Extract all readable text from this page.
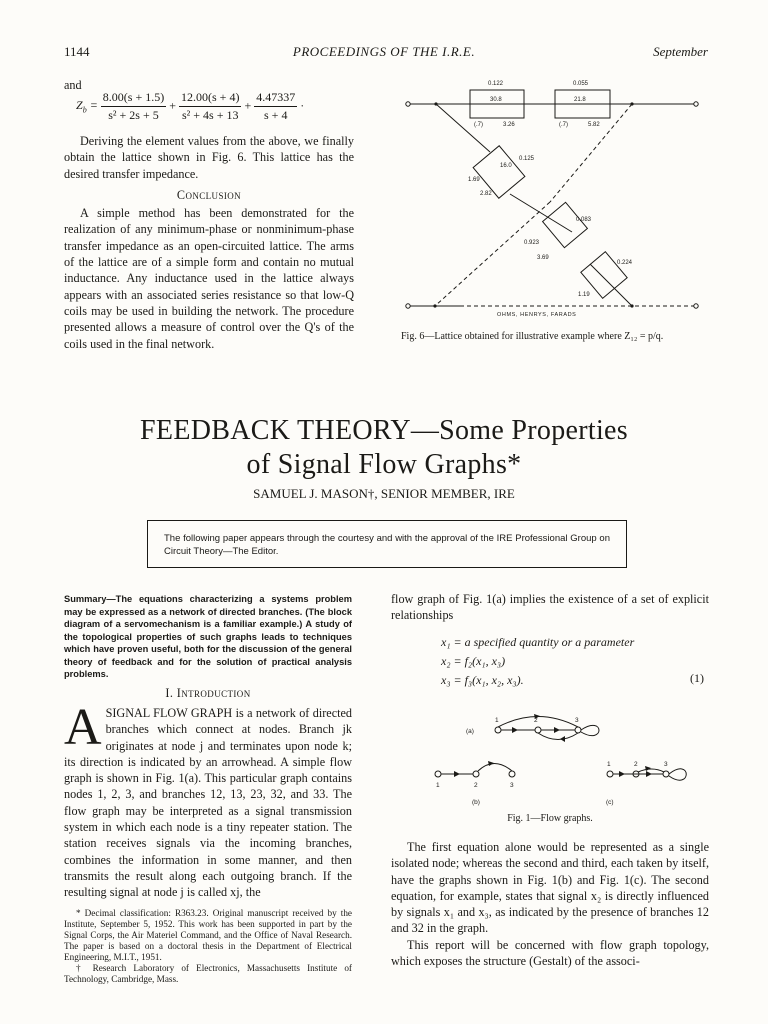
PROCEEDINGS OF THE I.R.E.
1144	September
and
$Z_b = \frac{8.00(s + 1.5)}{\text{s² + 2s + 5}} + \frac{12.00(s + 4)}{\text{s² + 4s + 13}} + \frac{4.47337}{s + 4}$ ·

Deriving the element values from the above, we finally obtain the lattice shown in Fig. 6. This lattice has the desired transfer impedance.

Conclusion

A simple method has been demonstrated for the realization of any minimum-phase or nonminimum-phase transfer impedance as an open-circuited lattice. The arms of the lattice are of a simple form and contain no mutual inductance. Any inductance used in the lattice always appears with an associated series resistance so that low-Q coils may be used in building the network. The procedure presented allows a measure of control over the Q's of the coils used in the final network.

0.122	0.055
30.8	21.8
(.7)	3.26	(.7)	5.82
0.125
16.0
1.69
2.82
0.083
0.923
3.69
0.224
1.19
OHMS, HENRYS, FARADS
Fig. 6—Lattice obtained for illustrative example where Z₁₂ = p/q.
FEEDBACK THEORY—Some Properties
of Signal Flow Graphs*
SAMUEL J. MASON†, SENIOR MEMBER, IRE
The following paper appears through the courtesy and with the approval of the IRE Professional Group on Circuit Theory—The Editor.
Summary—The equations characterizing a systems problem may be expressed as a network of directed branches. (The block diagram of a servomechanism is a familiar example.) A study of the topological properties of such graphs leads to techniques which have proven useful, both for the discussion of the general theory of feedback and for the solution of practical analysis problems.
I. Introduction
A SIGNAL FLOW GRAPH is a network of directed branches which connect at nodes. Branch jk originates at node j and terminates upon node k; its direction is indicated by an arrowhead. A simple flow graph is shown in Fig. 1(a). This particular graph contains nodes 1, 2, 3, and branches 12, 13, 23, 32, and 33. The flow graph may be interpreted as a signal transmission system in which each node is a tiny repeater station. The station receives signals via the incoming branches, combines the information in some manner, and then transmits the result along each outgoing branch. If the resulting signal at node j is called xj, the

* Decimal classification: R363.23. Original manuscript received by the Institute, September 5, 1952. This work has been supported in part by the Signal Corps, the Air Materiel Command, and the Office of Naval Research. The paper is based on a doctoral thesis in the Department of Electrical Engineering, M.I.T., 1951.

† Research Laboratory of Electronics, Massachusetts Institute of Technology, Cambridge, Mass.

flow graph of Fig. 1(a) implies the existence of a set of explicit relationships
x₁ = a specified quantity or a parameter
x₂ = f₂(x₁, x₃)
x₃ = f₃(x₁, x₂, x₃).	(1)
(a)
1	2	3
1	2	3
(b)
1	2	3
(c)
Fig. 1—Flow graphs.

The first equation alone would be represented as a single isolated node; whereas the second and third, each taken by itself, have the graphs shown in Fig. 1(b) and Fig. 1(c). The second equation, for example, states that signal x₂ is directly influenced by signals x₁ and x₃, as indicated by the presence of branches 12 and 32 in the graph.

This report will be concerned with flow graph topology, which exposes the structure (Gestalt) of the associ-
